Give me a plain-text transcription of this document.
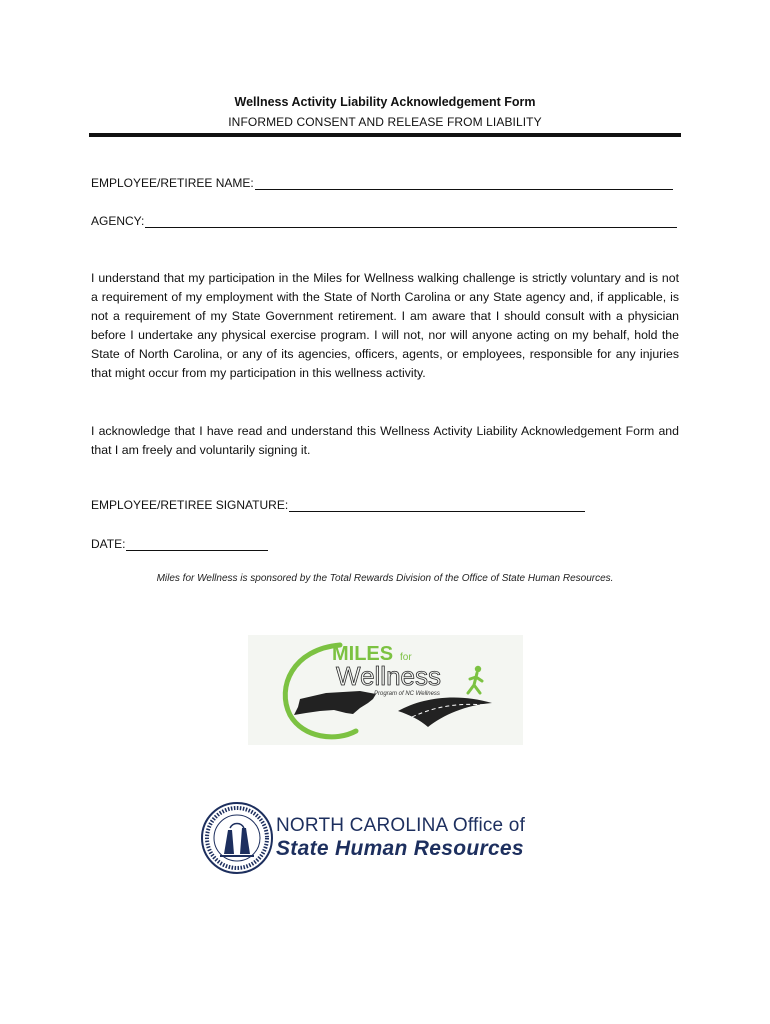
Wellness Activity Liability Acknowledgement Form
INFORMED CONSENT AND RELEASE FROM LIABILITY
EMPLOYEE/RETIREE NAME:
AGENCY:
I understand that my participation in the Miles for Wellness walking challenge is strictly voluntary and is not a requirement of my employment with the State of North Carolina or any State agency and, if applicable, is not a requirement of my State Government retirement. I am aware that I should consult with a physician before I undertake any physical exercise program. I will not, nor will anyone acting on my behalf, hold the State of North Carolina, or any of its agencies, officers, agents, or employees, responsible for any injuries that might occur from my participation in this wellness activity.
I acknowledge that I have read and understand this Wellness Activity Liability Acknowledgement Form and that I am freely and voluntarily signing it.
EMPLOYEE/RETIREE SIGNATURE:
DATE:
Miles for Wellness is sponsored by the Total Rewards Division of the Office of State Human Resources.
MILES for
Wellness
Program of NC Wellness
NORTH CAROLINA Office of
State Human Resources
